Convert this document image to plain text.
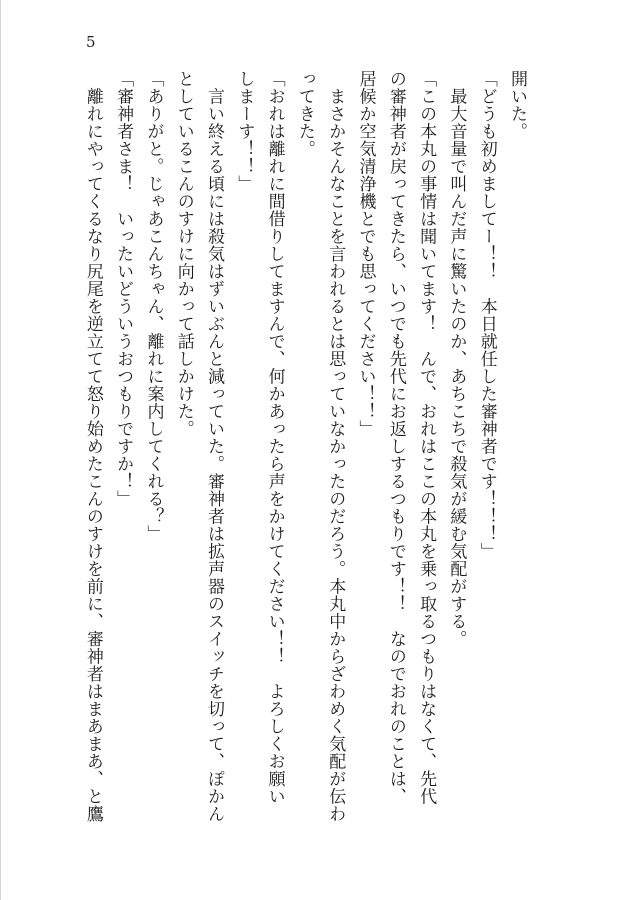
5
開いた。
「どうも初めましてー！！　本日就任した審神者です！！！」
　最大音量で叫んだ声に驚いたのか、あちこちで殺気が緩む気配がする。
「この本丸の事情は聞いてます！　んで、おれはここの本丸を乗っ取るつもりはなくて、先代
の審神者が戻ってきたら、いつでも先代にお返しするつもりです！！　なのでおれのことは、
居候か空気清浄機とでも思ってください！！」
　まさかそんなことを言われるとは思っていなかったのだろう。本丸中からざわめく気配が伝わ
ってきた。
「おれは離れに間借りしてますんで、何かあったら声をかけてください！！　よろしくお願い
しまーす！！」
　言い終える頃には殺気はずいぶんと減っていた。審神者は拡声器のスイッチを切って、ぽかん
としているこんのすけに向かって話しかけた。
「ありがと。じゃあこんちゃん、離れに案内してくれる？」
「審神者さま！　いったいどういうおつもりですか！」
　離れにやってくるなり尻尾を逆立てて怒り始めたこんのすけを前に、審神者はまあまあ、と鷹
